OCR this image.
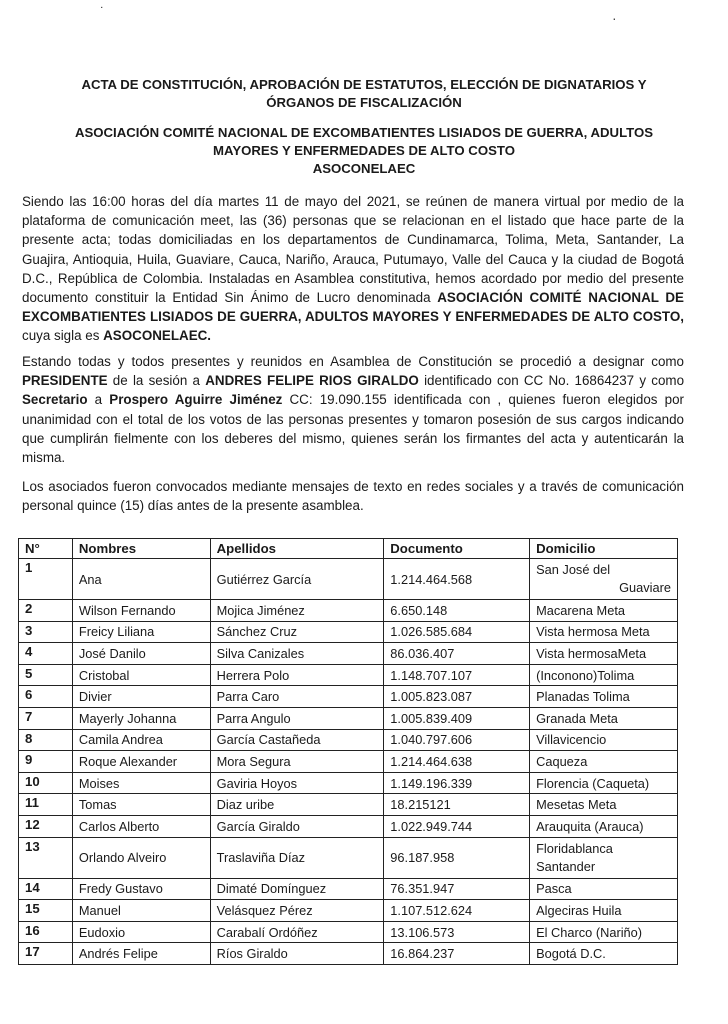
˙	·

ACTA DE CONSTITUCIÓN, APROBACIÓN DE ESTATUTOS, ELECCIÓN DE DIGNATARIOS Y

ÓRGANOS DE FISCALIZACIÓN

ASOCIACIÓN COMITÉ NACIONAL DE EXCOMBATIENTES LISIADOS DE GUERRA, ADULTOS

MAYORES Y ENFERMEDADES DE ALTO COSTO

ASOCONELAEC

Siendo las 16:00 horas del día martes 11 de mayo del 2021, se reúnen de manera virtual por medio de la plataforma de comunicación meet, las (36) personas que se relacionan en el listado que hace parte de la presente acta; todas domiciliadas en los departamentos de Cundinamarca, Tolima, Meta, Santander, La Guajira, Antioquia, Huila, Guaviare, Cauca, Nariño, Arauca, Putumayo, Valle del Cauca y la ciudad de Bogotá D.C., República de Colombia. Instaladas en Asamblea constitutiva, hemos acordado por medio del presente documento constituir la Entidad Sin Ánimo de Lucro denominada ASOCIACIÓN COMITÉ NACIONAL DE EXCOMBATIENTES LISIADOS DE GUERRA, ADULTOS MAYORES Y ENFERMEDADES DE ALTO COSTO, cuya sigla es ASOCONELAEC.

Estando todas y todos presentes y reunidos en Asamblea de Constitución se procedió a designar como PRESIDENTE de la sesión a ANDRES FELIPE RIOS GIRALDO identificado con CC No. 16864237 y como Secretario a Prospero Aguirre Jiménez CC: 19.090.155 identificada con , quienes fueron elegidos por unanimidad con el total de los votos de las personas presentes y tomaron posesión de sus cargos indicando que cumplirán fielmente con los deberes del mismo, quienes serán los firmantes del acta y autenticarán la misma.

Los asociados fueron convocados mediante mensajes de texto en redes sociales y a través de comunicación personal quince (15) días antes de la presente asamblea.

N°	Nombres	Apellidos	Documento	Domicilio
1	Ana	Gutiérrez García	1.214.464.568	San José del
Guaviare

2	Wilson Fernando	Mojica Jiménez	6.650.148	Macarena Meta
3	Freicy Liliana	Sánchez Cruz	1.026.585.684	Vista hermosa Meta
4	José Danilo	Silva Canizales	86.036.407	Vista hermosaMeta
5	Cristobal	Herrera Polo	1.148.707.107	(Inconono)Tolima
6	Divier	Parra Caro	1.005.823.087	Planadas Tolima
7	Mayerly Johanna	Parra Angulo	1.005.839.409	Granada Meta
8	Camila Andrea	García Castañeda	1.040.797.606	Villavicencio
9	Roque Alexander	Mora Segura	1.214.464.638	Caqueza
10	Moises	Gaviria Hoyos	1.149.196.339	Florencia (Caqueta)
11	Tomas	Diaz uribe	18.215121	Mesetas Meta
12	Carlos Alberto	García Giraldo	1.022.949.744	Arauquita (Arauca)
13	Orlando Alveiro	Traslaviña Díaz	96.187.958	Floridablanca
Santander

14	Fredy Gustavo	Dimaté Domínguez	76.351.947	Pasca
15	Manuel	Velásquez Pérez	1.107.512.624	Algeciras Huila
16	Eudoxio	Carabalí Ordóñez	13.106.573	El Charco (Nariño)
17	Andrés Felipe	Ríos Giraldo	16.864.237	Bogotá D.C.
